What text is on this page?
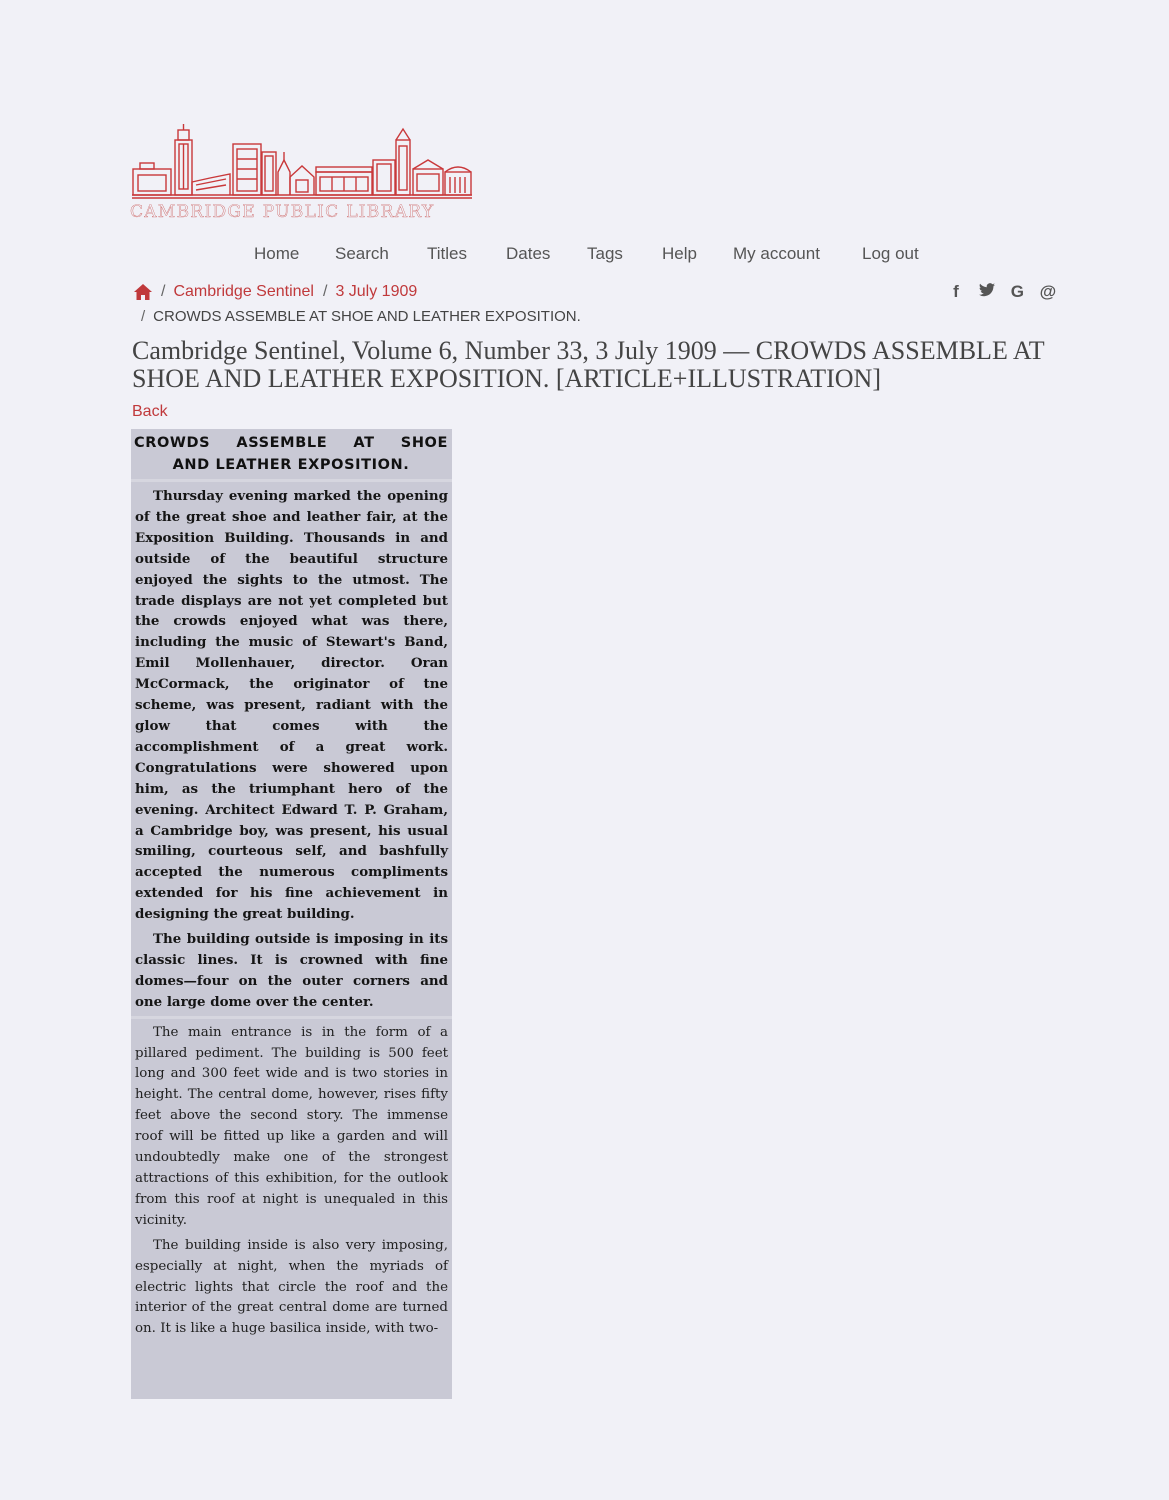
CAMBRIDGE PUBLIC LIBRARY
Home Search Titles Dates Tags Help My account Log out
/ Cambridge Sentinel / 3 July 1909
/ CROWDS ASSEMBLE AT SHOE AND LEATHER EXPOSITION.
f	G @
Cambridge Sentinel, Volume 6, Number 33, 3 July 1909 — CROWDS ASSEMBLE AT SHOE AND LEATHER EXPOSITION. [ARTICLE+ILLUSTRATION]
Back
CROWDS ASSEMBLE AT SHOE
AND LEATHER EXPOSITION.

Thursday evening marked the opening of the great shoe and leather fair, at the Exposition Building. Thousands in and outside of the beautiful structure enjoyed the sights to the utmost. The trade displays are not yet completed but the crowds enjoyed what was there, including the music of Stewart's Band, Emil Mollenhauer, director. Oran McCormack, the originator of tne scheme, was present, radiant with the glow that comes with the accomplishment of a great work. Congratulations were showered upon him, as the triumphant hero of the evening. Architect Edward T. P. Graham, a Cambridge boy, was present, his usual smiling, courteous self, and bashfully accepted the numerous compliments extended for his fine achievement in designing the great building.

The building outside is imposing in its classic lines. It is crowned with fine domes—four on the outer corners and one large dome over the center.

The main entrance is in the form of a pillared pediment. The building is 500 feet long and 300 feet wide and is two stories in height. The central dome, however, rises fifty feet above the second story. The immense roof will be fitted up like a garden and will undoubtedly make one of the strongest attractions of this exhibition, for the outlook from this roof at night is unequaled in this vicinity.

The building inside is also very imposing, especially at night, when the myriads of electric lights that circle the roof and the interior of the great central dome are turned on. It is like a huge basilica inside, with two-
